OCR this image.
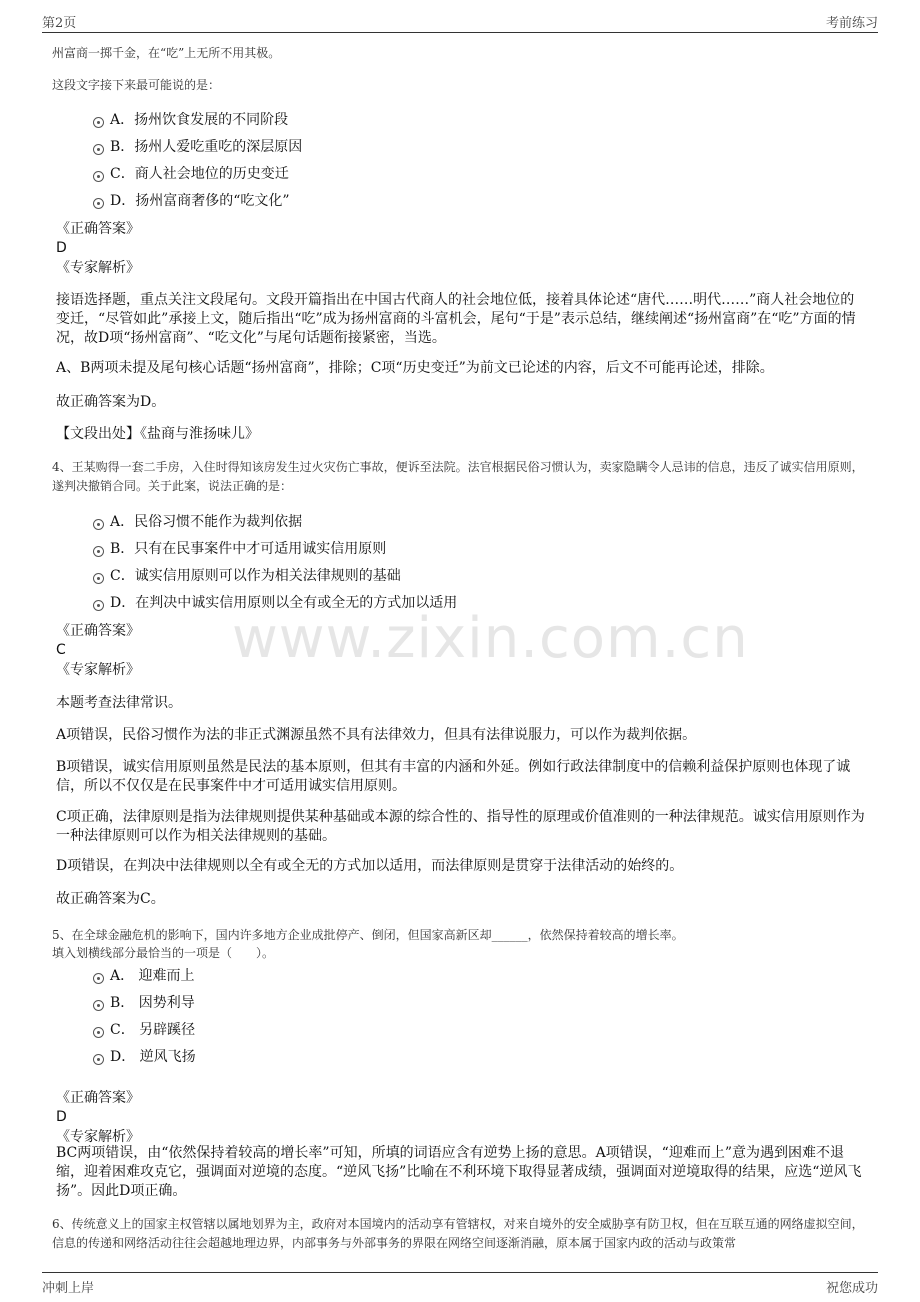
第2页	考前练习
www.zixin.com.cn
州富商一掷千金，在“吃”上无所不用其极。
这段文字接下来最可能说的是：
A．扬州饮食发展的不同阶段
B．扬州人爱吃重吃的深层原因
C．商人社会地位的历史变迁
D．扬州富商奢侈的“吃文化”
《正确答案》
D
《专家解析》
接语选择题，重点关注文段尾句。文段开篇指出在中国古代商人的社会地位低，接着具体论述“唐代……明代……”商人社会地位的变迁，“尽管如此”承接上文，随后指出“吃”成为扬州富商的斗富机会，尾句“于是”表示总结，继续阐述“扬州富商”在“吃”方面的情况，故D项“扬州富商”、“吃文化”与尾句话题衔接紧密，当选。
A、B两项未提及尾句核心话题“扬州富商”，排除；C项“历史变迁”为前文已论述的内容，后文不可能再论述，排除。
故正确答案为D。
【文段出处】《盐商与淮扬味儿》
4、王某购得一套二手房，入住时得知该房发生过火灾伤亡事故，便诉至法院。法官根据民俗习惯认为，卖家隐瞒令人忌讳的信息，违反了诚实信用原则，遂判决撤销合同。关于此案，说法正确的是：
A．民俗习惯不能作为裁判依据
B．只有在民事案件中才可适用诚实信用原则
C．诚实信用原则可以作为相关法律规则的基础
D．在判决中诚实信用原则以全有或全无的方式加以适用
《正确答案》
C
《专家解析》
本题考查法律常识。
A项错误，民俗习惯作为法的非正式渊源虽然不具有法律效力，但具有法律说服力，可以作为裁判依据。
B项错误，诚实信用原则虽然是民法的基本原则，但其有丰富的内涵和外延。例如行政法律制度中的信赖利益保护原则也体现了诚信，所以不仅仅是在民事案件中才可适用诚实信用原则。
C项正确，法律原则是指为法律规则提供某种基础或本源的综合性的、指导性的原理或价值准则的一种法律规范。诚实信用原则作为一种法律原则可以作为相关法律规则的基础。
D项错误，在判决中法律规则以全有或全无的方式加以适用，而法律原则是贯穿于法律活动的始终的。
故正确答案为C。
5、在全球金融危机的影响下，国内许多地方企业成批停产、倒闭，但国家高新区却______，依然保持着较高的增长率。
填入划横线部分最恰当的一项是（　　）。
A． 迎难而上
B． 因势利导
C． 另辟蹊径
D． 逆风飞扬
《正确答案》
D
《专家解析》
BC两项错误，由“依然保持着较高的增长率”可知，所填的词语应含有逆势上扬的意思。A项错误，“迎难而上”意为遇到困难不退缩，迎着困难攻克它，强调面对逆境的态度。“逆风飞扬”比喻在不利环境下取得显著成绩，强调面对逆境取得的结果，应选“逆风飞扬”。因此D项正确。
6、传统意义上的国家主权管辖以属地划界为主，政府对本国境内的活动享有管辖权，对来自境外的安全威胁享有防卫权，但在互联互通的网络虚拟空间，信息的传递和网络活动往往会超越地理边界，内部事务与外部事务的界限在网络空间逐渐消融，原本属于国家内政的活动与政策常
冲刺上岸	祝您成功
